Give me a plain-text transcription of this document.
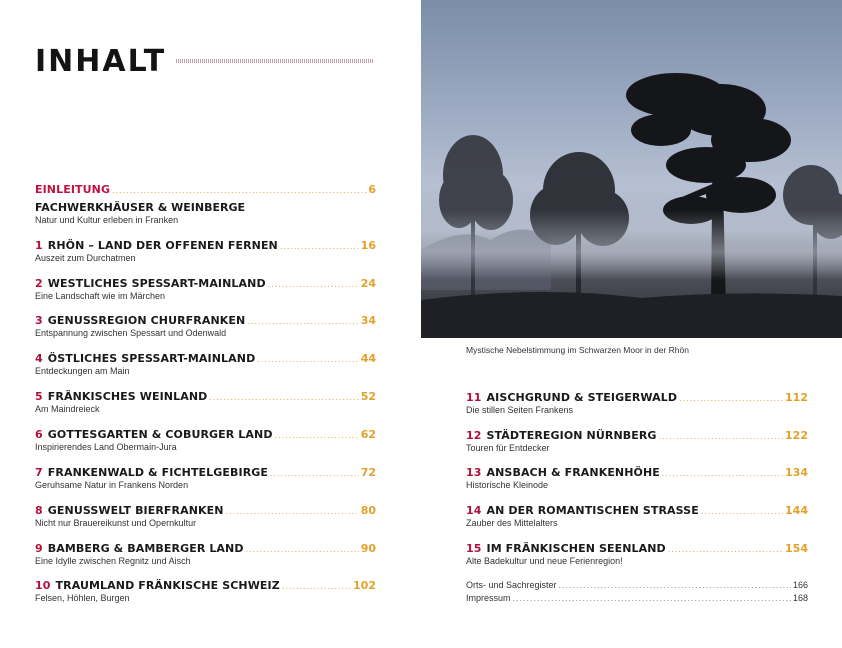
INHALT
Mystische Nebelstimmung im Schwarzen Moor in der Rhön
EINLEITUNG .....	6
FACHWERKHÄUSER & WEINBERGE
Natur und Kultur erleben in Franken
1 RHÖN – LAND DER OFFENEN FERNEN .....	16
Auszeit zum Durchatmen
2 WESTLICHES SPESSART-MAINLAND .....	24
Eine Landschaft wie im Märchen
3 GENUSSREGION CHURFRANKEN .....	34
Entspannung zwischen Spessart und Odenwald
4 ÖSTLICHES SPESSART-MAINLAND .....	44
Entdeckungen am Main
5 FRÄNKISCHES WEINLAND .....	52
Am Maindreieck
6 GOTTESGARTEN & COBURGER LAND .....	62
Inspirierendes Land Obermain-Jura
7 FRANKENWALD & FICHTELGEBIRGE .....	72
Geruhsame Natur in Frankens Norden
8 GENUSSWELT BIERFRANKEN .....	80
Nicht nur Brauereikunst und Opernkultur
9 BAMBERG & BAMBERGER LAND .....	90
Eine Idylle zwischen Regnitz und Aisch
10 TRAUMLAND FRÄNKISCHE SCHWEIZ .....	102
Felsen, Höhlen, Burgen
11 AISCHGRUND & STEIGERWALD .....	112
Die stillen Seiten Frankens
12 STÄDTEREGION NÜRNBERG .....	122
Touren für Entdecker
13 ANSBACH & FRANKENHÖHE .....	134
Historische Kleinode
14 AN DER ROMANTISCHEN STRASSE .....	144
Zauber des Mittelalters
15 IM FRÄNKISCHEN SEENLAND .....	154
Alte Badekultur und neue Ferienregion!
Orts- und Sachregister .....	166
Impressum .....	168
